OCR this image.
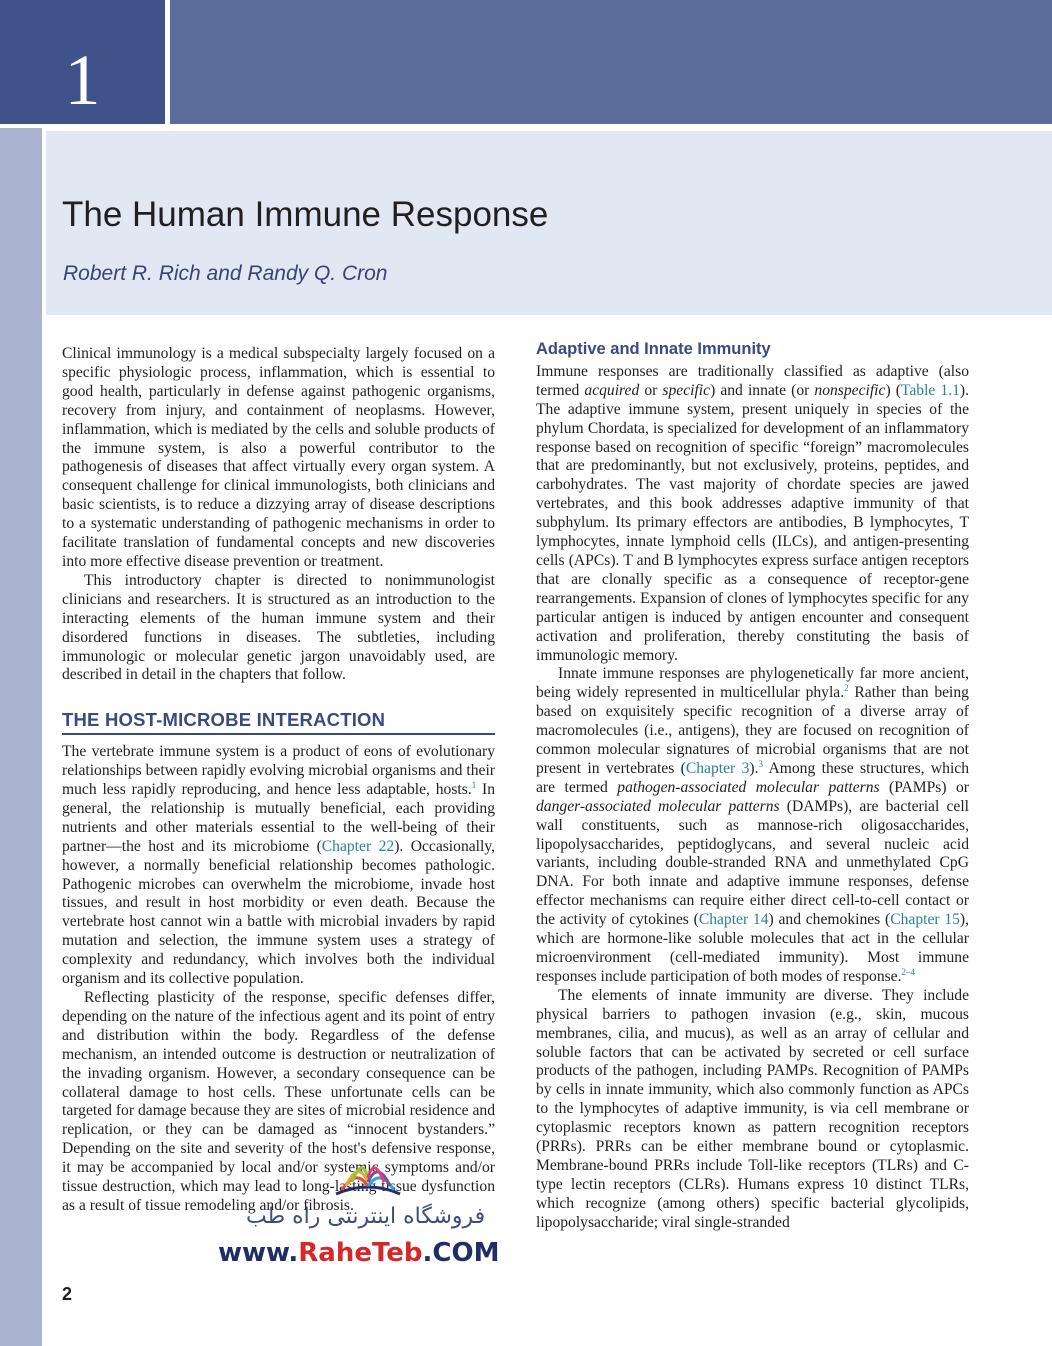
1
The Human Immune Response
Robert R. Rich and Randy Q. Cron

Clinical immunology is a medical subspecialty largely focused on a specific physiologic process, inflammation, which is essential to good health, particularly in defense against pathogenic organisms, recovery from injury, and containment of neoplasms. However, inflammation, which is mediated by the cells and soluble products of the immune system, is also a powerful contributor to the pathogenesis of diseases that affect virtually every organ system. A consequent challenge for clinical immunologists, both clinicians and basic scientists, is to reduce a dizzying array of disease descriptions to a systematic understanding of pathogenic mechanisms in order to facilitate translation of fundamental concepts and new discoveries into more effective disease prevention or treatment.

This introductory chapter is directed to nonimmunologist clinicians and researchers. It is structured as an introduction to the interacting elements of the human immune system and their disordered functions in diseases. The subtleties, including immunologic or molecular genetic jargon unavoidably used, are described in detail in the chapters that follow.

THE HOST-MICROBE INTERACTION

The vertebrate immune system is a product of eons of evolutionary relationships between rapidly evolving microbial organisms and their much less rapidly reproducing, and hence less adaptable, hosts.$^1$ In general, the relationship is mutually beneficial, each providing nutrients and other materials essential to the well-being of their partner—the host and its microbiome (Chapter 22). Occasionally, however, a normally beneficial relationship becomes pathologic. Pathogenic microbes can overwhelm the microbiome, invade host tissues, and result in host morbidity or even death. Because the vertebrate host cannot win a battle with microbial invaders by rapid mutation and selection, the immune system uses a strategy of complexity and redundancy, which involves both the individual organism and its collective population.

Reflecting plasticity of the response, specific defenses differ, depending on the nature of the infectious agent and its point of entry and distribution within the body. Regardless of the defense mechanism, an intended outcome is destruction or neutralization of the invading organism. However, a secondary consequence can be collateral damage to host cells. These unfortunate cells can be targeted for damage because they are sites of microbial residence and replication, or they can be damaged as “innocent bystanders.” Depending on the site and severity of the host's defensive response, it may be accompanied by local and/or systemic symptoms and/or tissue destruction, which may lead to long-lasting tissue dysfunction as a result of tissue remodeling and/or fibrosis.

Adaptive and Innate Immunity

Immune responses are traditionally classified as adaptive (also termed acquired or specific) and innate (or nonspecific) (Table 1.1). The adaptive immune system, present uniquely in species of the phylum Chordata, is specialized for development of an inflammatory response based on recognition of specific “foreign” macromolecules that are predominantly, but not exclusively, proteins, peptides, and carbohydrates. The vast majority of chordate species are jawed vertebrates, and this book addresses adaptive immunity of that subphylum. Its primary effectors are antibodies, B lymphocytes, T lymphocytes, innate lymphoid cells (ILCs), and antigen-presenting cells (APCs). T and B lymphocytes express surface antigen receptors that are clonally specific as a consequence of receptor-gene rearrangements. Expansion of clones of lymphocytes specific for any particular antigen is induced by antigen encounter and consequent activation and proliferation, thereby constituting the basis of immunologic memory.

Innate immune responses are phylogenetically far more ancient, being widely represented in multicellular phyla.$^2$ Rather than being based on exquisitely specific recognition of a diverse array of macromolecules (i.e., antigens), they are focused on recognition of common molecular signatures of microbial organisms that are not present in vertebrates (Chapter 3).$^3$ Among these structures, which are termed pathogen-associated molecular patterns (PAMPs) or danger-associated molecular patterns (DAMPs), are bacterial cell wall constituents, such as mannose-rich oligosaccharides, lipopolysaccharides, peptidoglycans, and several nucleic acid variants, including double-stranded RNA and unmethylated CpG DNA. For both innate and adaptive immune responses, defense effector mechanisms can require either direct cell-to-cell contact or the activity of cytokines (Chapter 14) and chemokines (Chapter 15), which are hormone-like soluble molecules that act in the cellular microenvironment (cell-mediated immunity). Most immune responses include participation of both modes of response.$^{2-4}$

The elements of innate immunity are diverse. They include physical barriers to pathogen invasion (e.g., skin, mucous membranes, cilia, and mucus), as well as an array of cellular and soluble factors that can be activated by secreted or cell surface products of the pathogen, including PAMPs. Recognition of PAMPs by cells in innate immunity, which also commonly function as APCs to the lymphocytes of adaptive immunity, is via cell membrane or cytoplasmic receptors known as pattern recognition receptors (PRRs). PRRs can be either membrane bound or cytoplasmic. Membrane-bound PRRs include Toll-like receptors (TLRs) and C-type lectin receptors (CLRs). Humans express 10 distinct TLRs, which recognize (among others) specific bacterial glycolipids, lipopolysaccharide; viral single-stranded

2
فروشگاه اینترنتی راه طب
www.RaheTeb.COM
